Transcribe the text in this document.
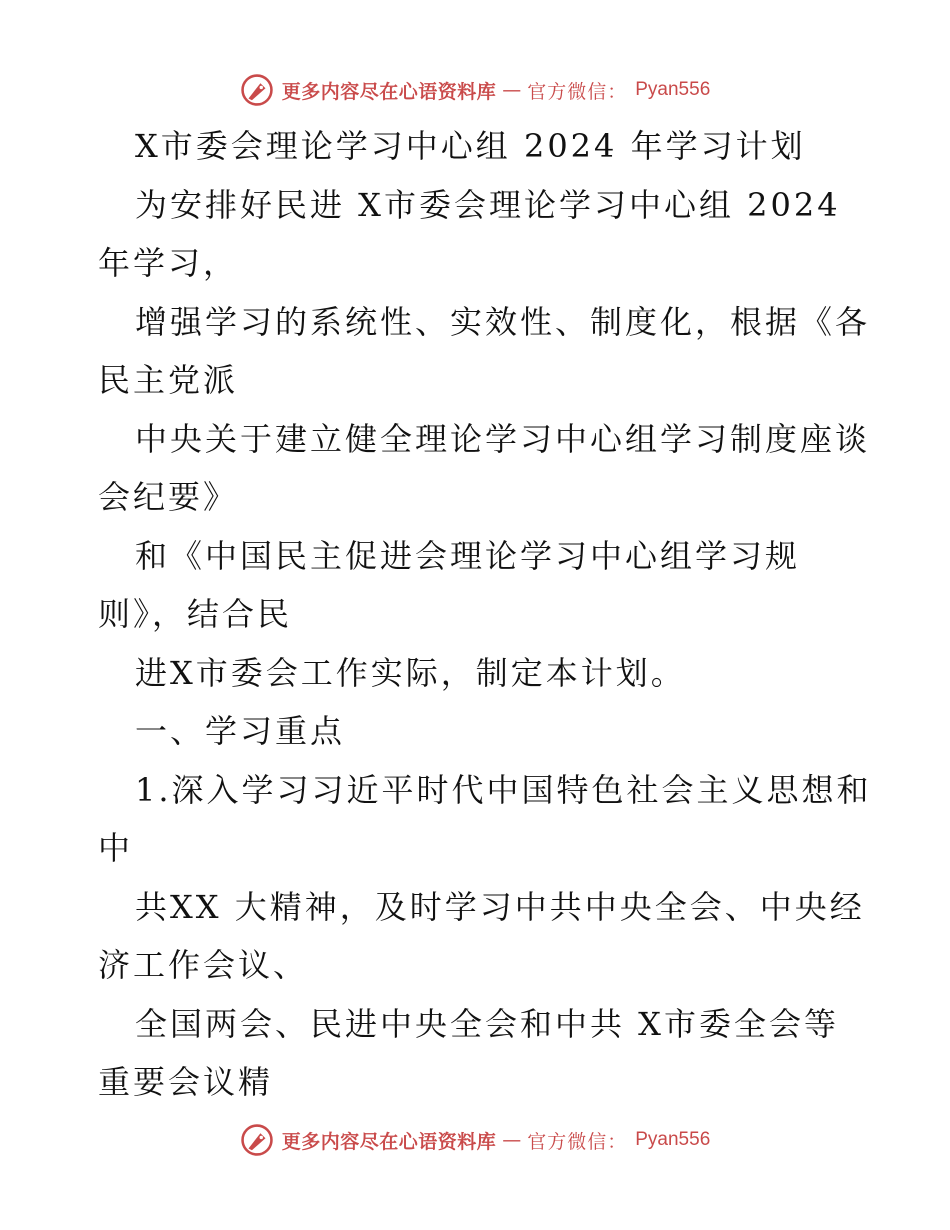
更多内容尽在心语资料库 — 官方微信： Pyan556
X市委会理论学习中心组 2024 年学习计划
为安排好民进 X市委会理论学习中心组 2024
年学习，
增强学习的系统性、实效性、制度化，根据《各
民主党派
中央关于建立健全理论学习中心组学习制度座谈
会纪要》
和《中国民主促进会理论学习中心组学习规
则》，结合民
进X市委会工作实际，制定本计划。
一、学习重点
1.深入学习习近平时代中国特色社会主义思想和
中
共XX 大精神，及时学习中共中央全会、中央经
济工作会议、
全国两会、民进中央全会和中共 X市委全会等
重要会议精
更多内容尽在心语资料库 — 官方微信： Pyan556
